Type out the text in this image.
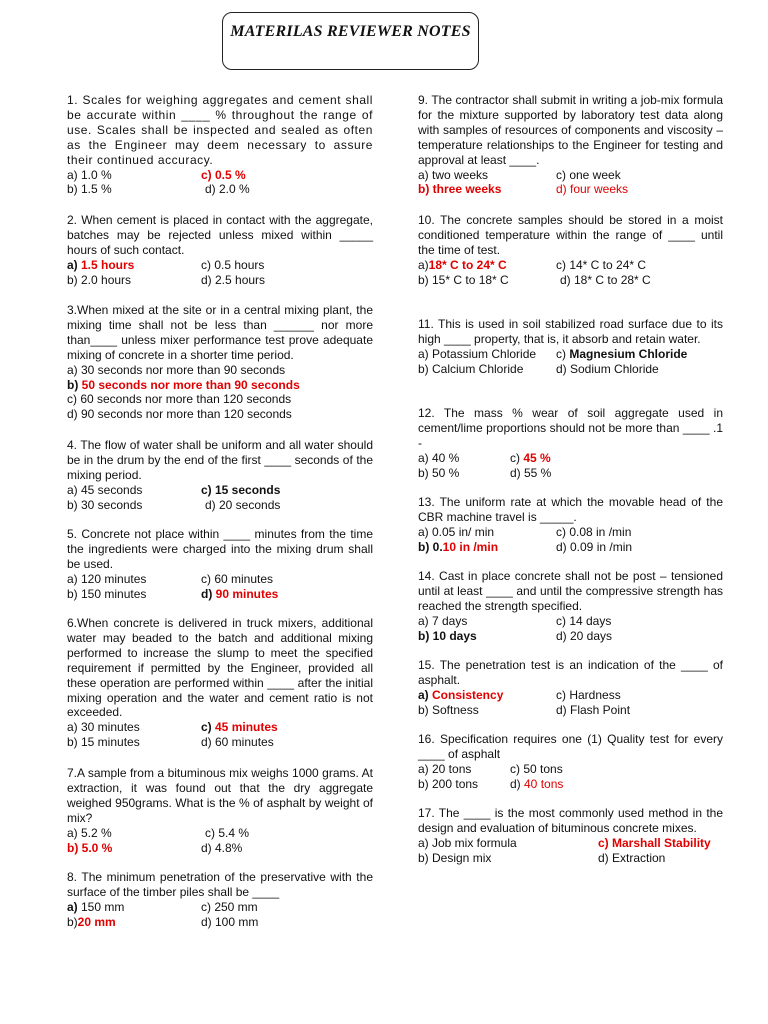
MATERILAS REVIEWER NOTES
1. Scales for weighing aggregates and cement shall be accurate within ____ % throughout the range of use. Scales shall be inspected and sealed as often as the Engineer may deem necessary to assure their continued accuracy.
a) 1.0 %	c) 0.5 %
b) 1.5 %	d) 2.0 %
2. When cement is placed in contact with the aggregate, batches may be rejected unless mixed within _____ hours of such contact.
a) 1.5 hours	c) 0.5 hours
b) 2.0 hours	d) 2.5 hours
3.When mixed at the site or in a central mixing plant, the mixing time shall not be less than ______ nor more than____ unless mixer performance test prove adequate mixing of concrete in a shorter time period.
a) 30 seconds nor more than 90 seconds
b) 50 seconds nor more than 90 seconds
c) 60 seconds nor more than 120 seconds
d) 90 seconds nor more than 120 seconds
4. The flow of water shall be uniform and all water should be in the drum by the end of the first ____ seconds of the mixing period.
a) 45 seconds	c) 15 seconds
b) 30 seconds	d) 20 seconds
5. Concrete not place within ____ minutes from the time the ingredients were charged into the mixing drum shall be used.
a) 120 minutes	c) 60 minutes
b) 150 minutes	d) 90 minutes
6.When concrete is delivered in truck mixers, additional water may beaded to the batch and additional mixing performed to increase the slump to meet the specified requirement if permitted by the Engineer, provided all these operation are performed within ____ after the initial mixing operation and the water and cement ratio is not exceeded.
a) 30 minutes	c) 45 minutes
b) 15 minutes	d) 60 minutes
7.A sample from a bituminous mix weighs 1000 grams. At extraction, it was found out that the dry aggregate weighed 950grams. What is the % of asphalt by weight of mix?
a) 5.2 %	c) 5.4 %
b) 5.0 %	d) 4.8%
8. The minimum penetration of the preservative with the surface of the timber piles shall be ____
a) 150 mm	c) 250 mm
b)20 mm	d) 100 mm
9. The contractor shall submit in writing a job-mix formula for the mixture supported by laboratory test data along with samples of resources of components and viscosity – temperature relationships to the Engineer for testing and approval at least ____.
a) two weeks	c) one week
b) three weeks	d) four weeks
10. The concrete samples should be stored in a moist conditioned temperature within the range of ____ until the time of test.
a)18* C to 24* C	c) 14* C to 24* C
b) 15* C to 18* C	d) 18* C to 28* C
11. This is used in soil stabilized road surface due to its high ____ property, that is, it absorb and retain water.
a) Potassium Chloride	c) Magnesium Chloride
b) Calcium Chloride	d) Sodium Chloride
12. The mass % wear of soil aggregate used in cement/lime proportions should not be more than ____ .1 -
a) 40 %	c) 45 %
b) 50 %	d) 55 %
13. The uniform rate at which the movable head of the CBR machine travel is _____.
a) 0.05 in/ min	c) 0.08 in /min
b) 0.10 in /min	d) 0.09 in /min
14. Cast in place concrete shall not be post – tensioned until at least ____ and until the compressive strength has reached the strength specified.
a) 7 days	c) 14 days
b) 10 days	d) 20 days
15. The penetration test is an indication of the ____ of asphalt.
a) Consistency	c) Hardness
b) Softness	d) Flash Point
16. Specification requires one (1) Quality test for every ____ of asphalt
a) 20 tons	c) 50 tons
b) 200 tons	d) 40 tons
17. The ____ is the most commonly used method in the design and evaluation of bituminous concrete mixes.
a) Job mix formula	c) Marshall Stability
b) Design mix	d) Extraction
